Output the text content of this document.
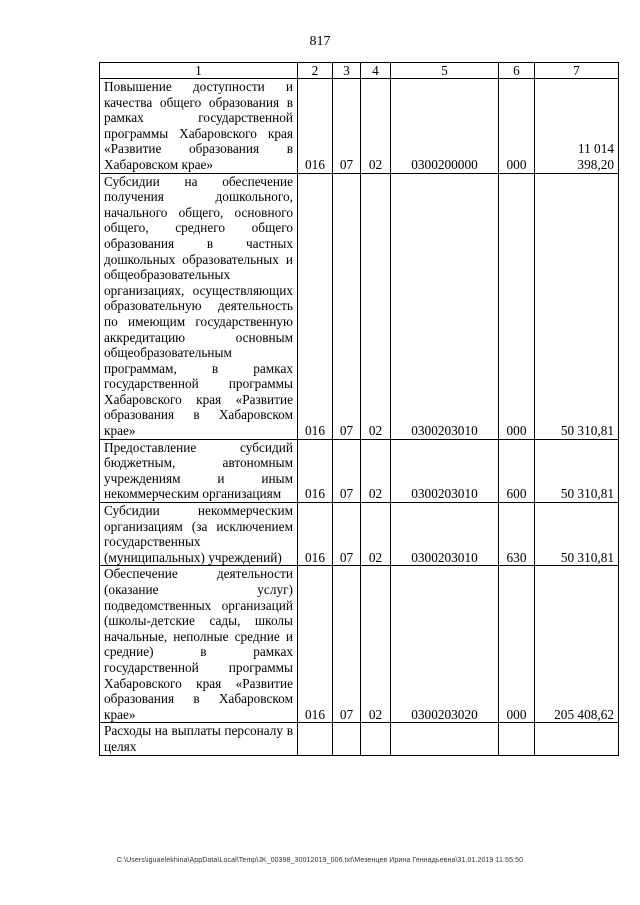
817
1	2	3	4	5	6	7
Повышение доступности и качества общего образования в рамках государственной программы Хабаровского края «Развитие образования в Хабаровском крае»	016	07	02	0300200000	000	11 014 398,20
Субсидии на обеспечение получения дошкольного, начального общего, основного общего, среднего общего образования в частных дошкольных образовательных и общеобразовательных организациях, осуществляющих образовательную деятельность по имеющим государственную аккредитацию основным общеобразовательным программам, в рамках государственной программы Хабаровского края «Развитие образования в Хабаровском крае»	016	07	02	0300203010	000	50 310,81
Предоставление субсидий бюджетным, автономным учреждениям и иным некоммерческим организациям	016	07	02	0300203010	600	50 310,81
Субсидии некоммерческим организациям (за исключением государственных (муниципальных) учреждений)	016	07	02	0300203010	630	50 310,81
Обеспечение деятельности (оказание услуг) подведомственных организаций (школы-детские сады, школы начальные, неполные средние и средние) в рамках государственной программы Хабаровского края «Развитие образования в Хабаровском крае»	016	07	02	0300203020	000	205 408,62
Расходы на выплаты персоналу в целях						
C:\Users\iguaelekhina\AppData\Local\Temp\JK_00398_30012019_006.txt\Мезенцев Ирина Геннадьевна\31.01.2019 11:55:50
